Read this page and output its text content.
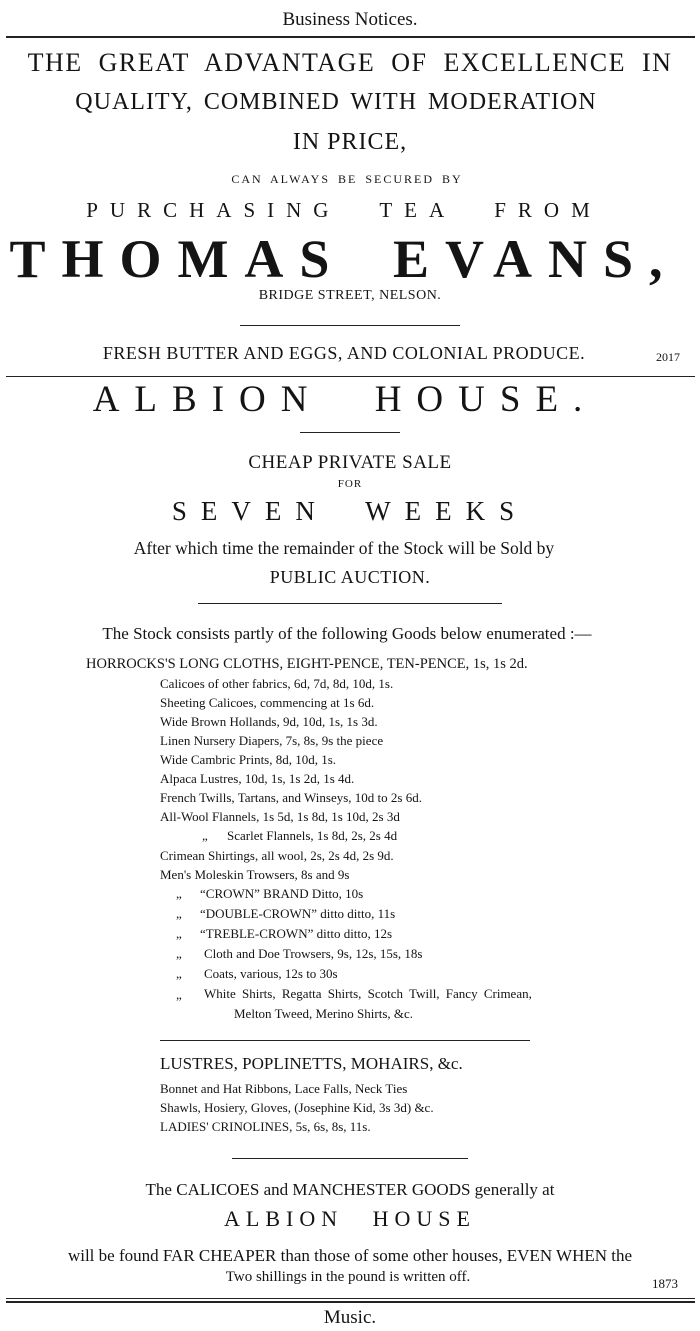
Business Notices.
THE GREAT ADVANTAGE OF EXCELLENCE IN
QUALITY, COMBINED WITH MODERATION
IN PRICE,
CAN ALWAYS BE SECURED BY
PURCHASING TEA FROM
THOMAS EVANS,
BRIDGE STREET, NELSON.
FRESH BUTTER AND EGGS, AND COLONIAL PRODUCE.	2017
ALBION HOUSE.
CHEAP PRIVATE SALE
FOR
SEVEN WEEKS
After which time the remainder of the Stock will be Sold by
PUBLIC AUCTION.
The Stock consists partly of the following Goods below enumerated :—
HORROCKS'S LONG CLOTHS, EIGHT-PENCE, TEN-PENCE, 1s, 1s 2d.
Calicoes of other fabrics, 6d, 7d, 8d, 10d, 1s.
Sheeting Calicoes, commencing at 1s 6d.
Wide Brown Hollands, 9d, 10d, 1s, 1s 3d.
Linen Nursery Diapers, 7s, 8s, 9s the piece
Wide Cambric Prints, 8d, 10d, 1s.
Alpaca Lustres, 10d, 1s, 1s 2d, 1s 4d.
French Twills, Tartans, and Winseys, 10d to 2s 6d.
All-Wool Flannels, 1s 5d, 1s 8d, 1s 10d, 2s 3d
„ Scarlet Flannels, 1s 8d, 2s, 2s 4d
Crimean Shirtings, all wool, 2s, 2s 4d, 2s 9d.
Men's Moleskin Trowsers, 8s and 9s
„ “CROWN” BRAND Ditto, 10s
„ “DOUBLE-CROWN” ditto ditto, 11s
„ “TREBLE-CROWN” ditto ditto, 12s
„ Cloth and Doe Trowsers, 9s, 12s, 15s, 18s
„ Coats, various, 12s to 30s
„ White Shirts, Regatta Shirts, Scotch Twill, Fancy Crimean,
Melton Tweed, Merino Shirts, &c.
LUSTRES, POPLINETTS, MOHAIRS, &c.
Bonnet and Hat Ribbons, Lace Falls, Neck Ties
Shawls, Hosiery, Gloves, (Josephine Kid, 3s 3d) &c.
LADIES' CRINOLINES, 5s, 6s, 8s, 11s.
The CALICOES and MANCHESTER GOODS generally at
ALBION HOUSE
will be found FAR CHEAPER than those of some other houses, EVEN WHEN the
Two shillings in the pound is written off.	1873
Music.
